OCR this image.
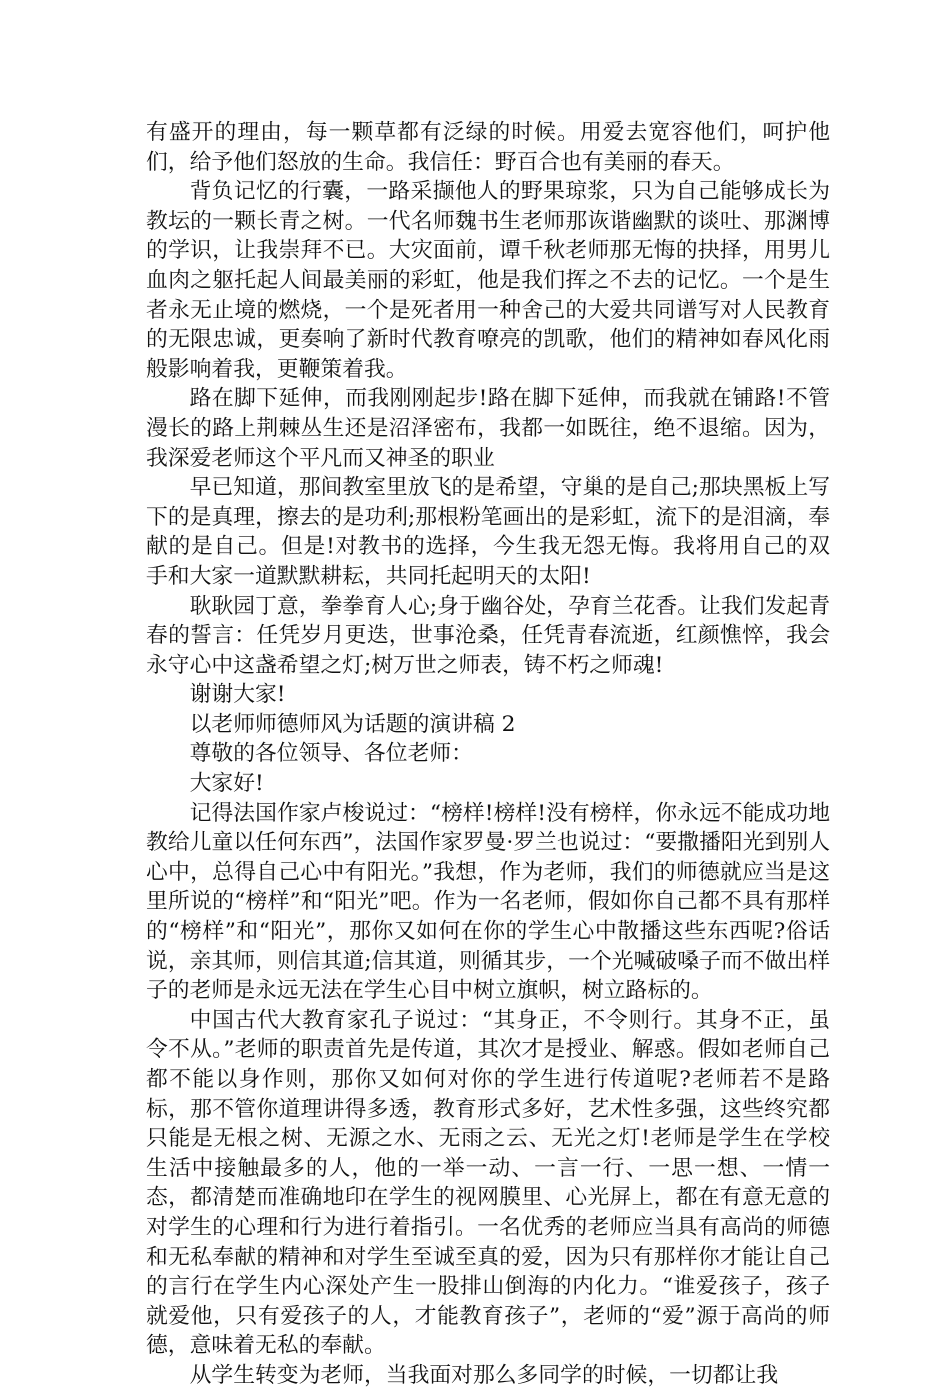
有盛开的理由，每一颗草都有泛绿的时候。用爱去宽容他们，呵护他们，给予他们怒放的生命。我信任：野百合也有美丽的春天。

背负记忆的行囊，一路采撷他人的野果琼浆，只为自己能够成长为教坛的一颗长青之树。一代名师魏书生老师那诙谐幽默的谈吐、那渊博的学识，让我崇拜不已。大灾面前，谭千秋老师那无悔的抉择，用男儿血肉之躯托起人间最美丽的彩虹，他是我们挥之不去的记忆。一个是生者永无止境的燃烧，一个是死者用一种舍己的大爱共同谱写对人民教育的无限忠诚，更奏响了新时代教育嘹亮的凯歌，他们的精神如春风化雨般影响着我，更鞭策着我。

路在脚下延伸，而我刚刚起步!路在脚下延伸，而我就在铺路!不管漫长的路上荆棘丛生还是沼泽密布，我都一如既往，绝不退缩。因为，我深爱老师这个平凡而又神圣的职业

早已知道，那间教室里放飞的是希望，守巢的是自己;那块黑板上写下的是真理，擦去的是功利;那根粉笔画出的是彩虹，流下的是泪滴，奉献的是自己。但是!对教书的选择，今生我无怨无悔。我将用自己的双手和大家一道默默耕耘，共同托起明天的太阳!

耿耿园丁意，拳拳育人心;身于幽谷处，孕育兰花香。让我们发起青春的誓言：任凭岁月更迭，世事沧桑，任凭青春流逝，红颜憔悴，我会永守心中这盏希望之灯;树万世之师表，铸不朽之师魂!

谢谢大家!

以老师师德师风为话题的演讲稿 2

尊敬的各位领导、各位老师：

大家好!

记得法国作家卢梭说过：“榜样!榜样!没有榜样，你永远不能成功地教给儿童以任何东西”，法国作家罗曼·罗兰也说过：“要撒播阳光到别人心中，总得自己心中有阳光。”我想，作为老师，我们的师德就应当是这里所说的“榜样”和“阳光”吧。作为一名老师，假如你自己都不具有那样的“榜样”和“阳光”，那你又如何在你的学生心中散播这些东西呢?俗话说，亲其师，则信其道;信其道，则循其步，一个光喊破嗓子而不做出样子的老师是永远无法在学生心目中树立旗帜，树立路标的。

中国古代大教育家孔子说过：“其身正，不令则行。其身不正，虽令不从。”老师的职责首先是传道，其次才是授业、解惑。假如老师自己都不能以身作则，那你又如何对你的学生进行传道呢?老师若不是路标，那不管你道理讲得多透，教育形式多好，艺术性多强，这些终究都只能是无根之树、无源之水、无雨之云、无光之灯!老师是学生在学校生活中接触最多的人，他的一举一动、一言一行、一思一想、一情一态，都清楚而准确地印在学生的视网膜里、心光屏上，都在有意无意的对学生的心理和行为进行着指引。一名优秀的老师应当具有高尚的师德和无私奉献的精神和对学生至诚至真的爱，因为只有那样你才能让自己的言行在学生内心深处产生一股排山倒海的内化力。“谁爱孩子，孩子就爱他，只有爱孩子的人，才能教育孩子”，老师的“爱”源于高尚的师德，意味着无私的奉献。

从学生转变为老师，当我面对那么多同学的时候，一切都让我
